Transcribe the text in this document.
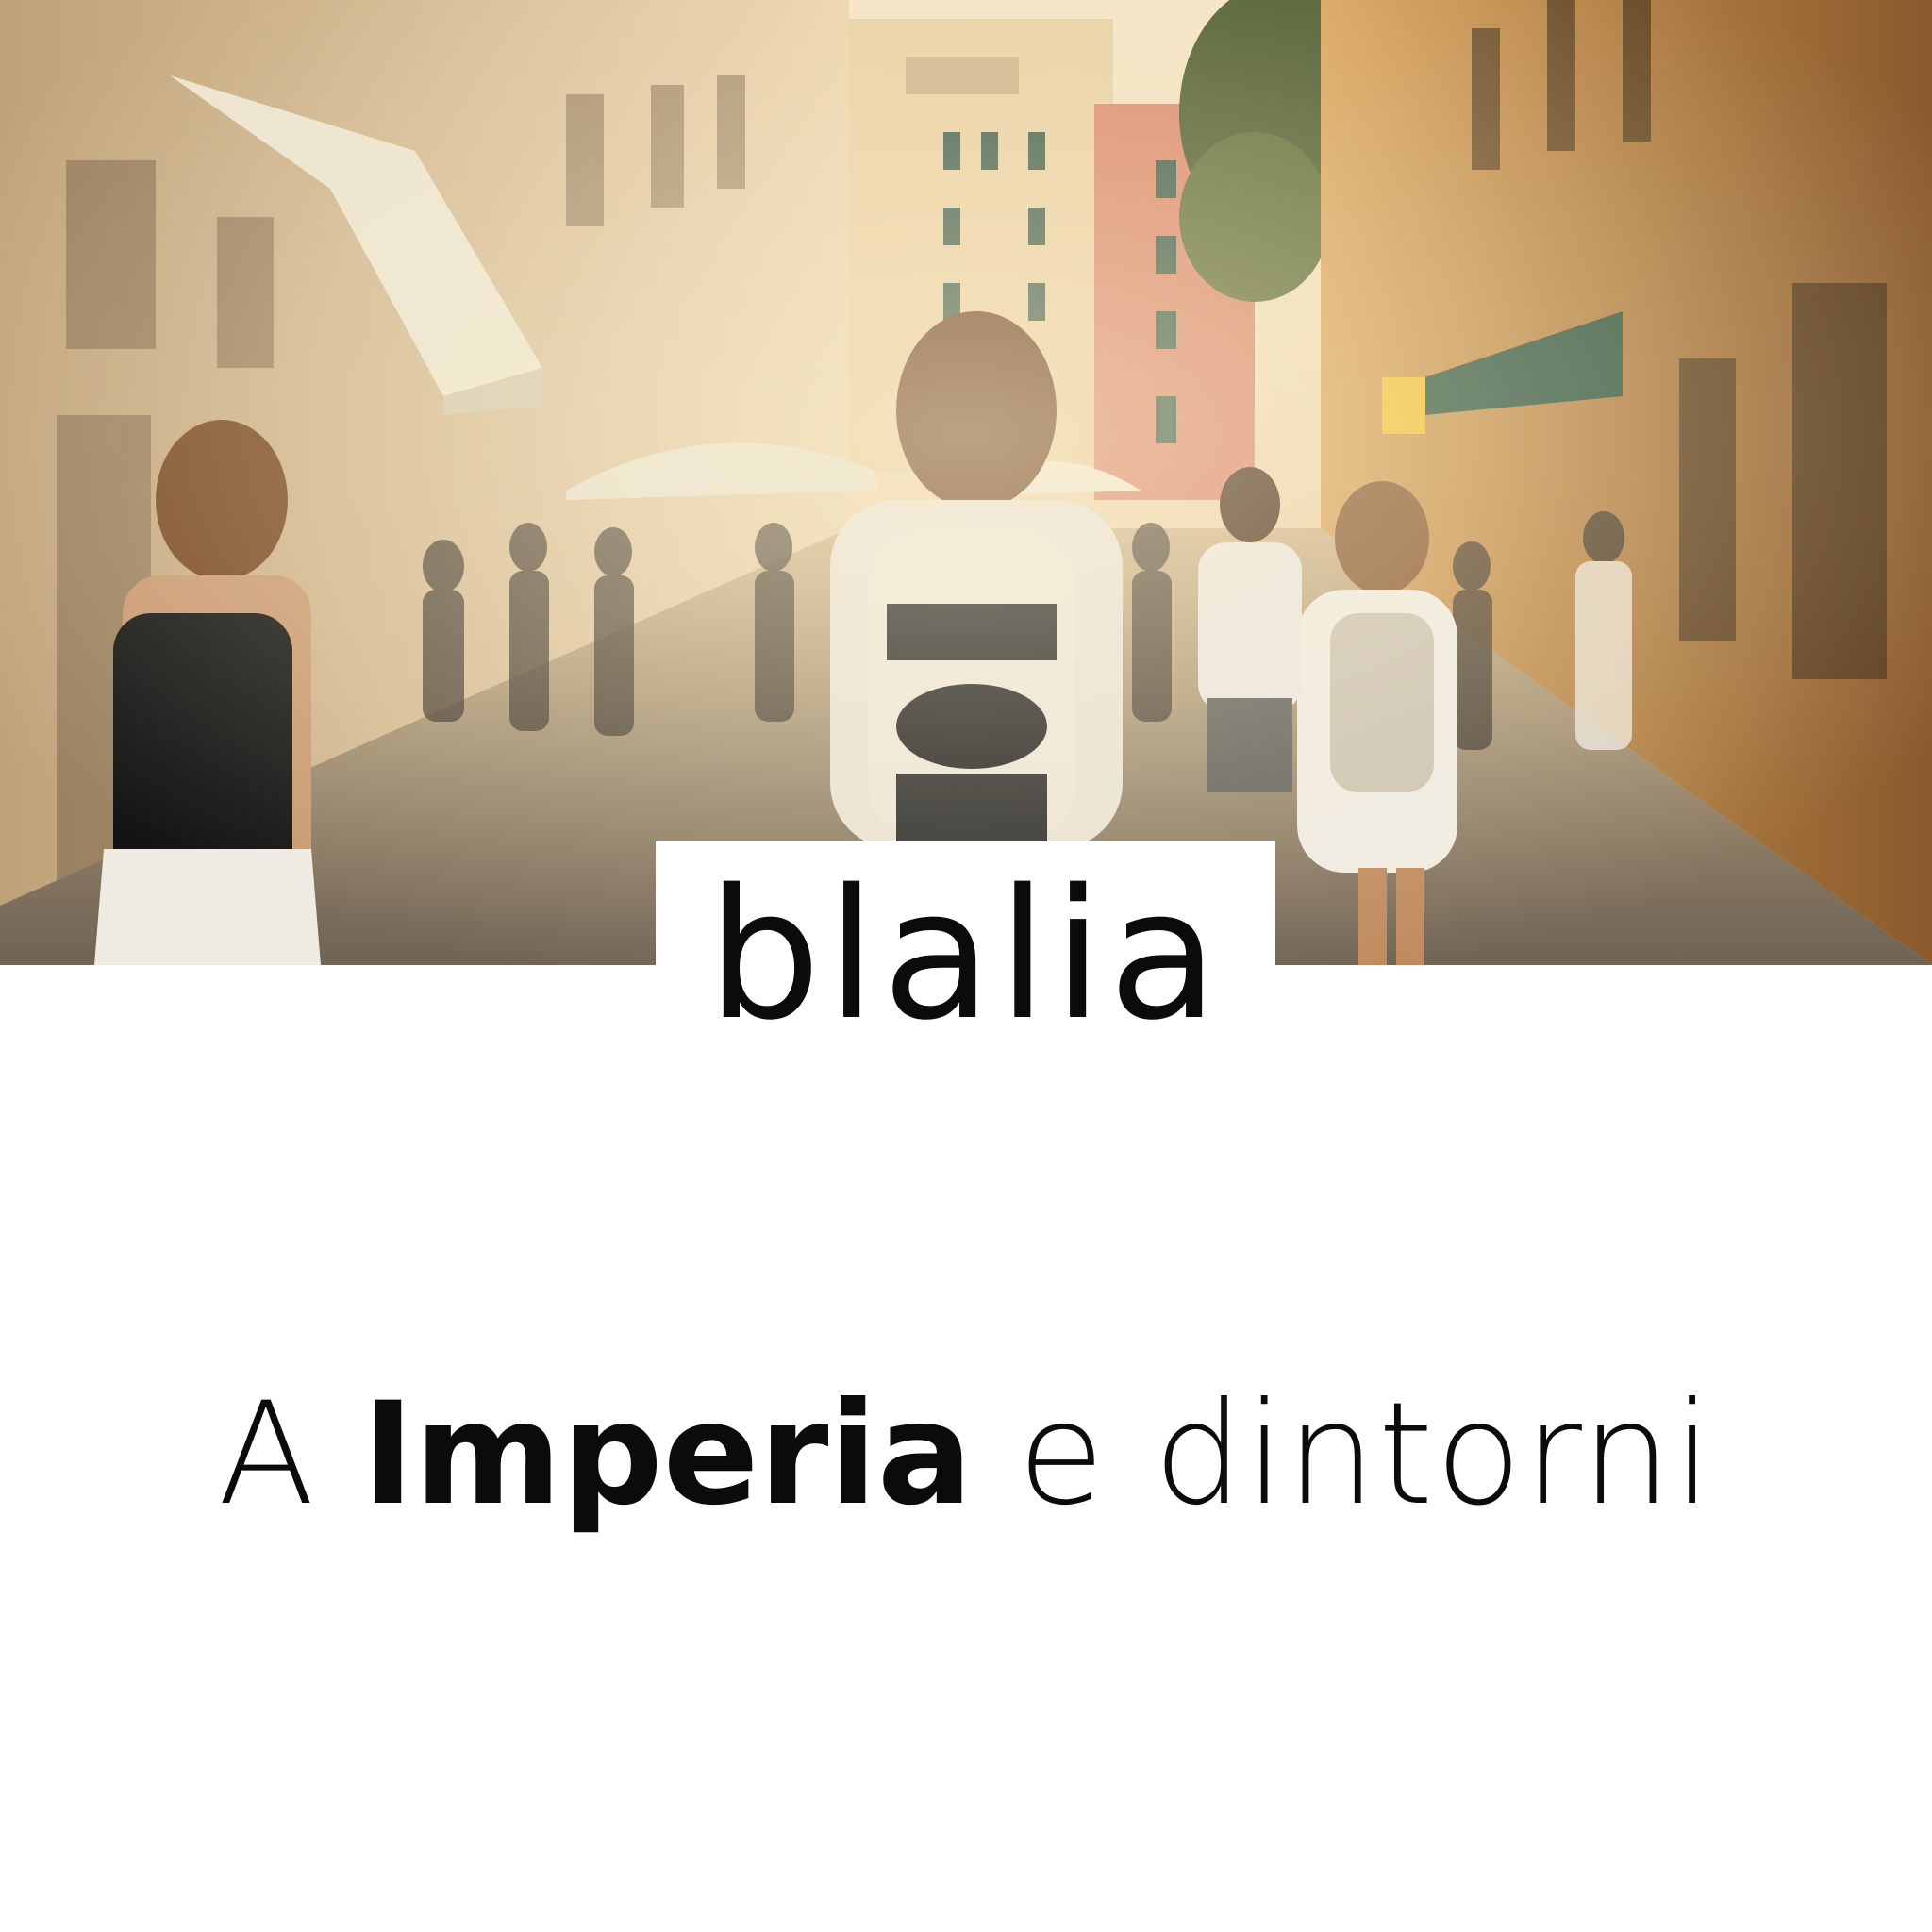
blalia
A Imperia e dintorni
